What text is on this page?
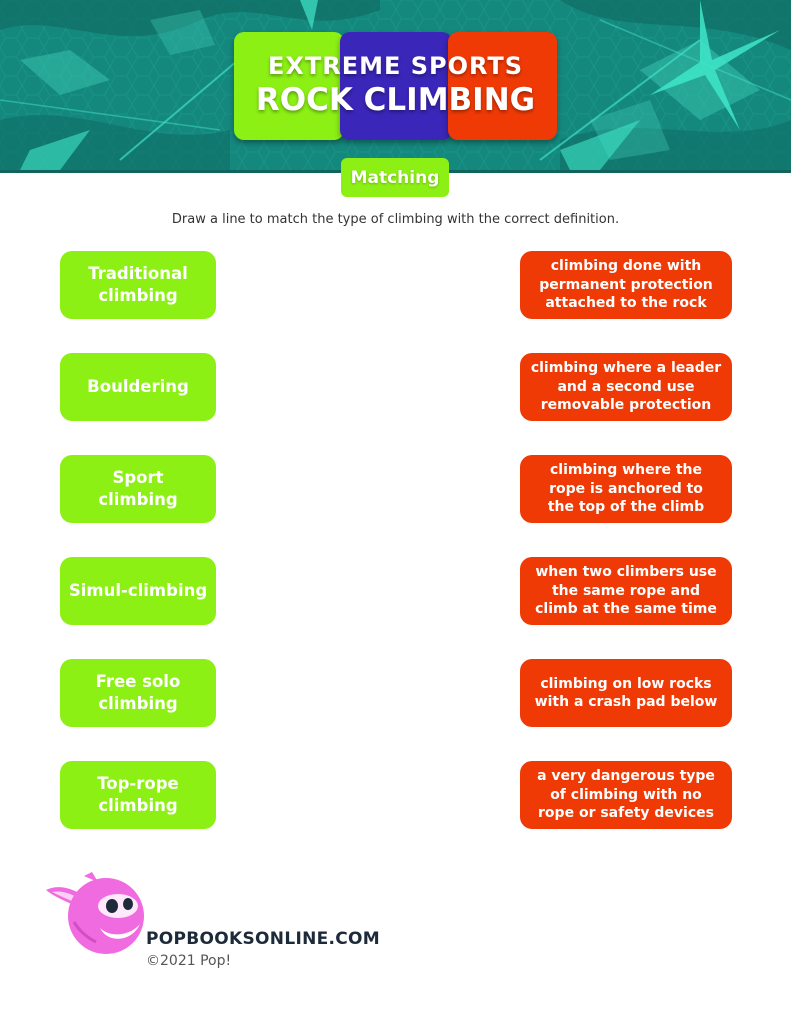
EXTREME SPORTS
ROCK CLIMBING
Matching
Draw a line to match the type of climbing with the correct definition.
Traditional climbing
Bouldering
Sport climbing
Simul-climbing
Free solo climbing
Top-rope climbing
climbing done with permanent protection attached to the rock
climbing where a leader and a second use removable protection
climbing where the rope is anchored to the top of the climb
when two climbers use the same rope and climb at the same time
climbing on low rocks with a crash pad below
a very dangerous type of climbing with no rope or safety devices
POPBOOKSONLINE.COM
©2021 Pop!
